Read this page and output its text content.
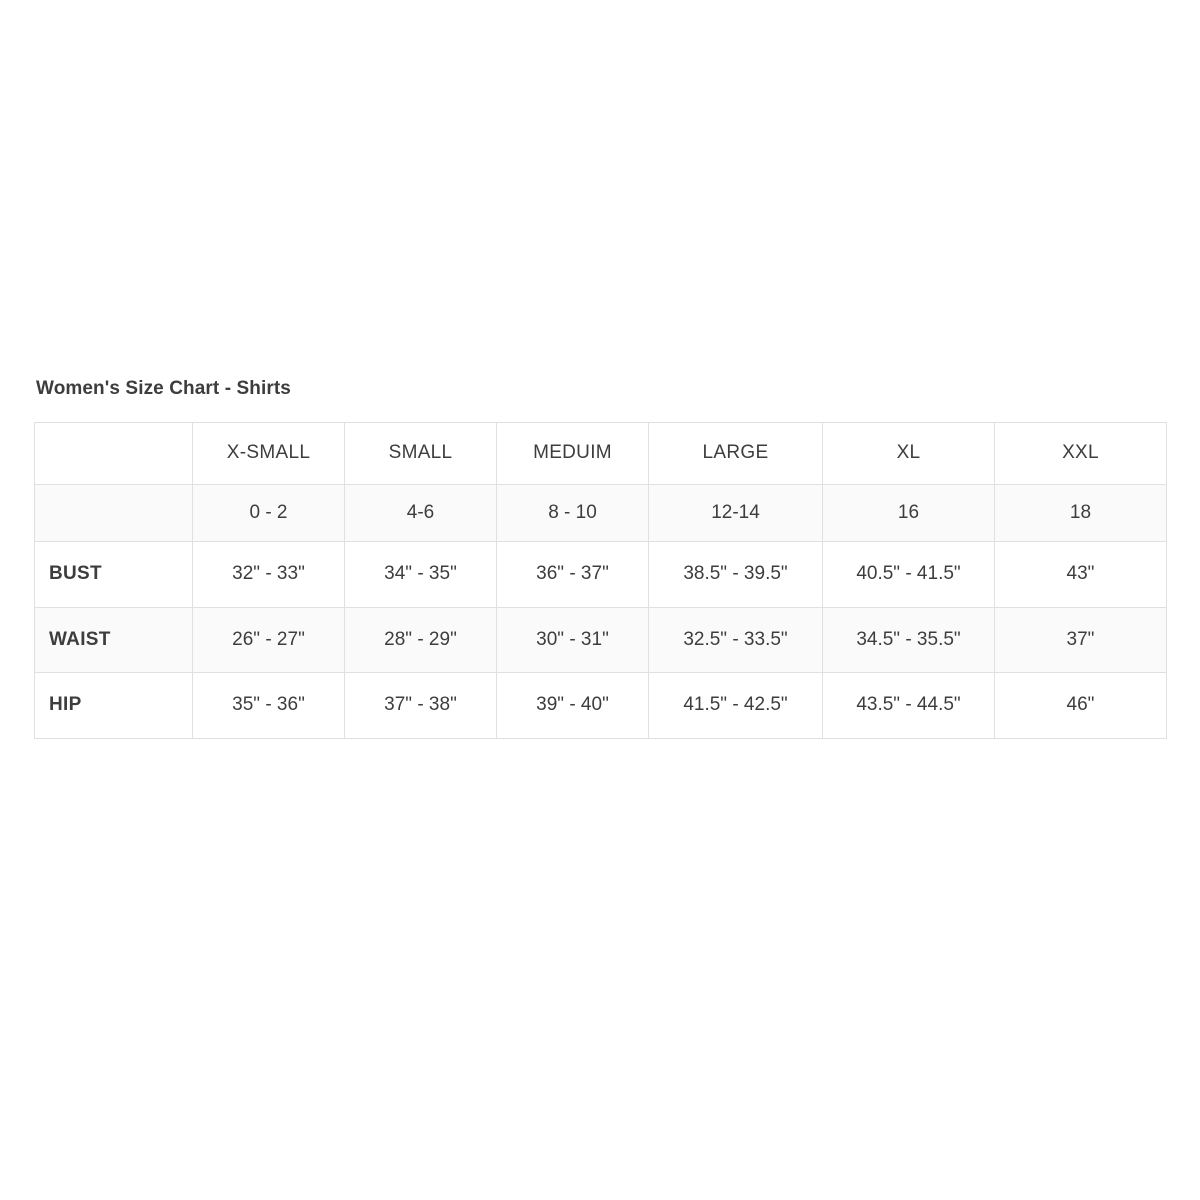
Women's Size Chart - Shirts
	X-SMALL	SMALL	MEDUIM	LARGE	XL	XXL
	0 - 2	4-6	8 - 10	12-14	16	18
BUST	32" - 33"	34" - 35"	36" - 37"	38.5" - 39.5"	40.5" - 41.5"	43"
WAIST	26" - 27"	28" - 29"	30" - 31"	32.5" - 33.5"	34.5" - 35.5"	37"
HIP	35" - 36"	37" - 38"	39" - 40"	41.5" - 42.5"	43.5" - 44.5"	46"
